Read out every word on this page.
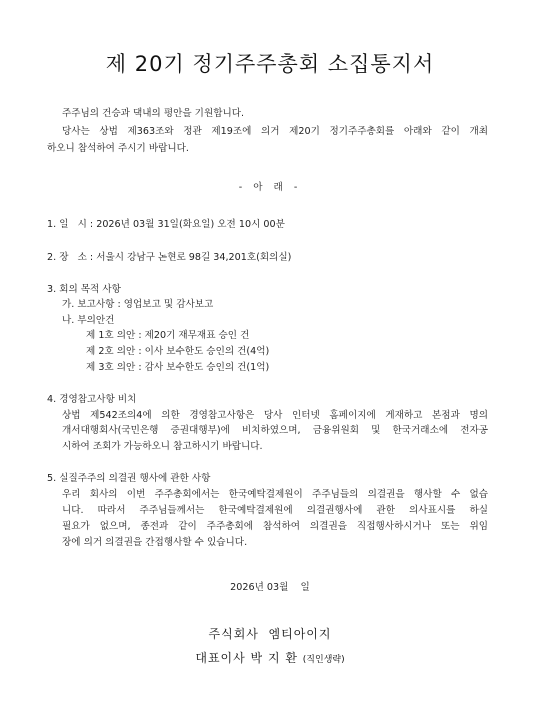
제 20기 정기주주총회 소집통지서
주주님의 건승과 댁내의 평안을 기원합니다.
당사는 상법 제363조와 정관 제19조에 의거 제20기 정기주주총회를 아래와 같이 개최
하오니 참석하여 주시기 바랍니다.
- 아 래 -
1. 일   시 : 2026년 03월 31일(화요일) 오전 10시 00분
2. 장   소 : 서울시 강남구 논현로 98길 34,201호(회의실)
3. 회의 목적 사항
가. 보고사항 : 영업보고 및 감사보고
나. 부의안건
제 1호 의안 : 제20기 재무재표 승인 건
제 2호 의안 : 이사 보수한도 승인의 건(4억)
제 3호 의안 : 감사 보수한도 승인의 건(1억)
4. 경영참고사항 비치
상법 제542조의4에 의한 경영참고사항은 당사 인터넷 홈페이지에 게재하고 본점과 명의
개서대행회사(국민은행 증권대행부)에 비치하였으며, 금융위원회 및 한국거래소에 전자공
시하여 조회가 가능하오니 참고하시기 바랍니다.
5. 실질주주의 의결권 행사에 관한 사항
우리 회사의 이번 주주총회에서는 한국예탁결제원이 주주님들의 의결권을 행사할 수 없습
니다. 따라서 주주님들께서는 한국예탁결제원에 의결권행사에 관한 의사표시를 하실
필요가 없으며, 종전과 같이 주주총회에 참석하여 의결권을 직접행사하시거나 또는 위임
장에 의거 의결권을 간접행사할 수 있습니다.
2026년 03월    일
주식회사  엠티아이지
대표이사 박 지 환 (직인생략)
